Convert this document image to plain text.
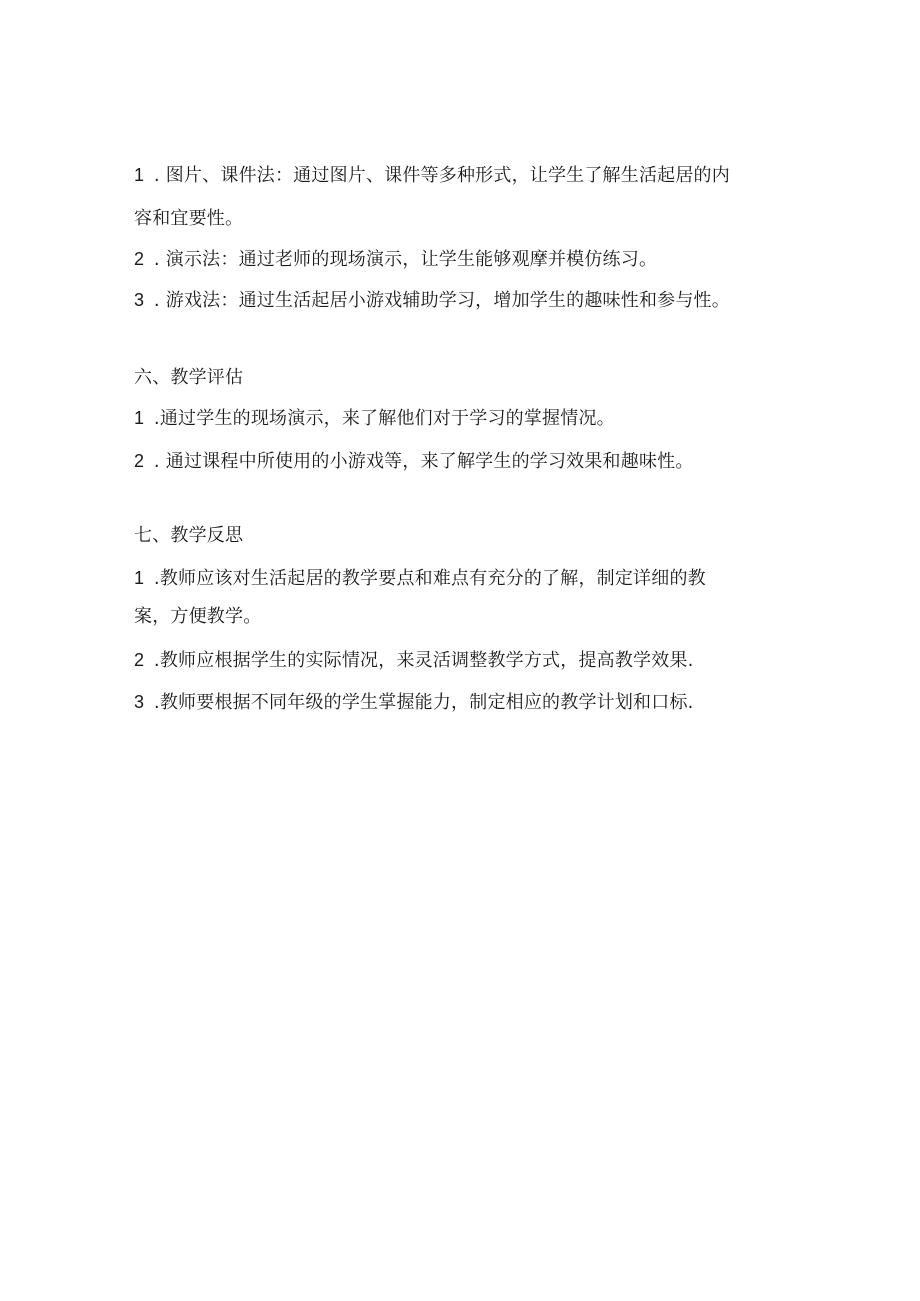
1 . 图片、课件法：通过图片、课件等多种形式，让学生了解生活起居的内
容和宜要性。
2 . 演示法：通过老师的现场演示，让学生能够观摩并模仿练习。
3 . 游戏法：通过生活起居小游戏辅助学习，增加学生的趣味性和参与性。
六、教学评估
1 .通过学生的现场演示，来了解他们对于学习的掌握情况。
2 . 通过课程中所使用的小游戏等，来了解学生的学习效果和趣味性。
七、教学反思
1 .教师应该对生活起居的教学要点和难点有充分的了解，制定详细的教
案，方便教学。
2 .教师应根据学生的实际情况，来灵活调整教学方式，提高教学效果.
3 .教师要根据不同年级的学生掌握能力，制定相应的教学计划和口标.
